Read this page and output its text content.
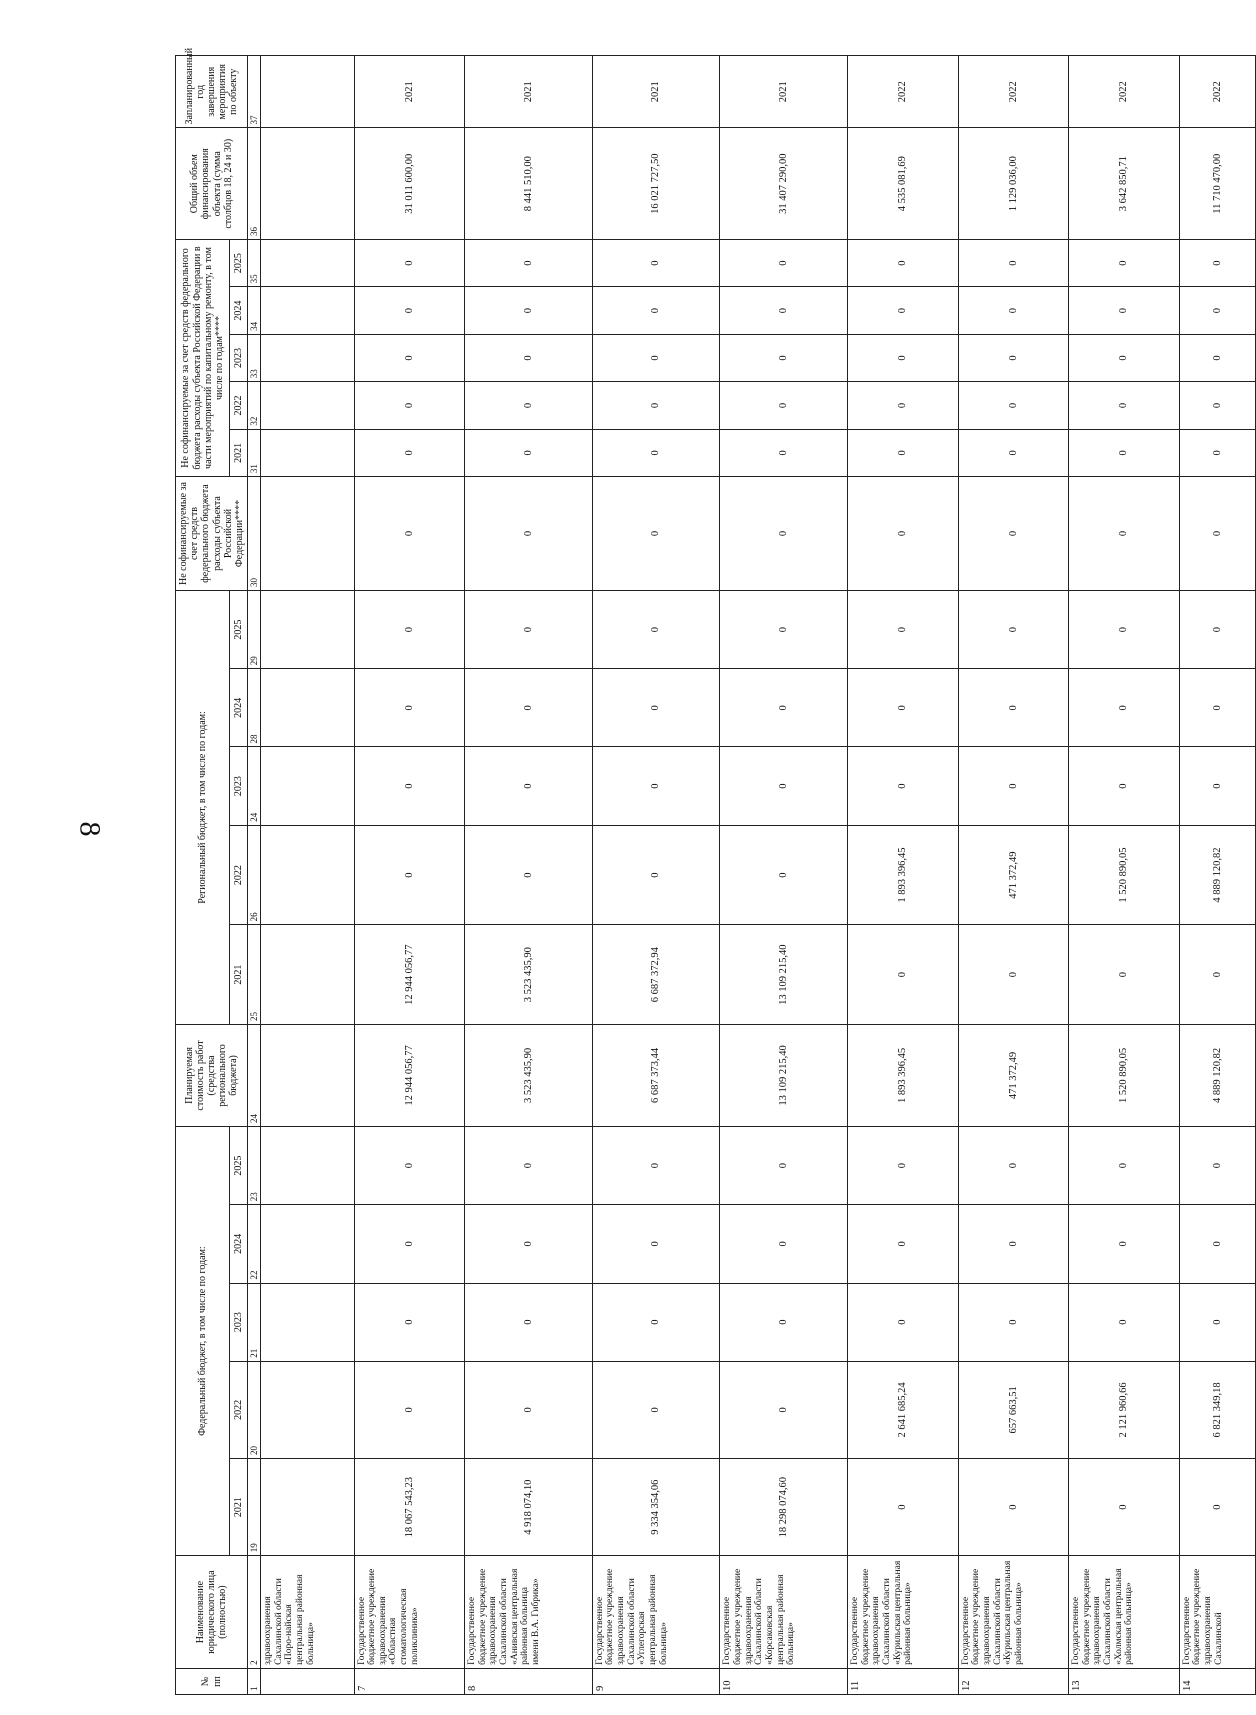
8
№ пп	Наименование юридического лица (полностью)	Федеральный бюджет, в том числе по годам:					Планируемая стоимость работ (средства регионального бюджета)	Региональный бюджет, в том числе по годам:					Не софинансируемые за счет средств федерального бюджета расходы субъекта Российской Федерации****	Не софинансируемые за счет средств федерального бюджета расходы субъекта Российской Федерации в части мероприятий по капитальному ремонту, в том числе по годам****					Общий объем финансирования объекта (сумма столбцов 18, 24 и 30)	Запланированный год завершения мероприятия по объекту
		2021	2022	2023	2024	2025		2021	2022	2023	2024	2025		2021	2022	2023	2024	2025		
1	2	19	20	21	22	23	24	25	26	24	28	29	30	31	32	33	34	35	36	37
	здравоохранения Сахалинской области «Поро-найская центральная районная больница»																			
7	Государственное бюджетное учреждение здравоохранения «Областная стоматологическая поликлиника»	18 067 543,23	0	0	0	0	12 944 056,77	12 944 056,77	0	0	0	0	0	0	0	0	0	0	31 011 600,00	2021
8	Государственное бюджетное учреждение здравоохранения Сахалинской области «Анивская центральная районная больница имени В.А. Гибрика»	4 918 074,10	0	0	0	0	3 523 435,90	3 523 435,90	0	0	0	0	0	0	0	0	0	0	8 441 510,00	2021
9	Государственное бюджетное учреждение здравоохранения Сахалинской области «Углегорская центральная районная больница»	9 334 354,06	0	0	0	0	6 687 373,44	6 687 372,94	0	0	0	0	0	0	0	0	0	0	16 021 727,50	2021
10	Государственное бюджетное учреждение здравоохранения Сахалинской области «Корсаковская центральная районная больница»	18 298 074,60	0	0	0	0	13 109 215,40	13 109 215,40	0	0	0	0	0	0	0	0	0	0	31 407 290,00	2021
11	Государственное бюджетное учреждение здравоохранения Сахалинской области «Курильская центральная районная больница»	0	2 641 685,24	0	0	0	1 893 396,45	0	1 893 396,45	0	0	0	0	0	0	0	0	0	4 535 081,69	2022
12	Государственное бюджетное учреждение здравоохранения Сахалинской области «Курильская центральная районная больница»	0	657 663,51	0	0	0	471 372,49	0	471 372,49	0	0	0	0	0	0	0	0	0	1 129 036,00	2022
13	Государственное бюджетное учреждение здравоохранения Сахалинской области «Холмская центральная районная больница»	0	2 121 960,66	0	0	0	1 520 890,05	0	1 520 890,05	0	0	0	0	0	0	0	0	0	3 642 850,71	2022
14	Государственное бюджетное учреждение здравоохранения Сахалинской	0	6 821 349,18	0	0	0	4 889 120,82	0	4 889 120,82	0	0	0	0	0	0	0	0	0	11 710 470,00	2022
